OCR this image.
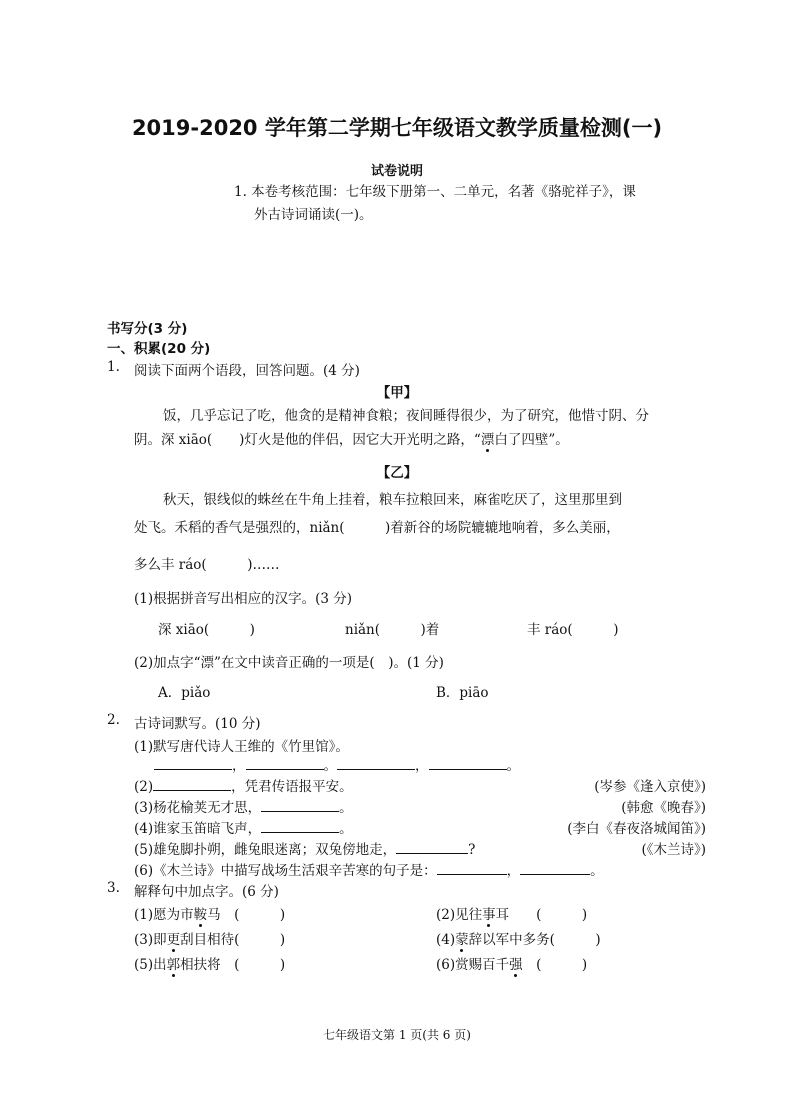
2019-2020 学年第二学期七年级语文教学质量检测(一)
试卷说明
1. 本卷考核范围：七年级下册第一、二单元，名著《骆驼祥子》，课
外古诗词诵读(一)。
书写分(3 分)
一、积累(20 分)
1. 阅读下面两个语段，回答问题。(4 分)
【甲】
饭，几乎忘记了吃，他贪的是精神食粮；夜间睡得很少，为了研究，他惜寸阴、分
阴。深 xiāo(　　)灯火是他的伴侣，因它大开光明之路，“漂白了四壁”。
【乙】
秋天，银线似的蛛丝在牛角上挂着，粮车拉粮回来，麻雀吃厌了，这里那里到
处飞。禾稻的香气是强烈的，niǎn(　　　)着新谷的场院辘辘地响着，多么美丽，
多么丰 ráo(　　　)……
(1)根据拼音写出相应的汉字。(3 分)
深 xiāo(　　　)	niǎn(　　　)着	丰 ráo(　　　)
(2)加点字“漂”在文中读音正确的一项是(　)。(1 分)
A．piǎo	B．piāo
2. 古诗词默写。(10 分)
(1)默写唐代诗人王维的《竹里馆》。
，	。	，	。
(2)	，凭君传语报平安。	(岑参《逢入京使》)
(3)杨花榆荚无才思，	。	(韩愈《晚春》)
(4)谁家玉笛暗飞声，	。	(李白《春夜洛城闻笛》)
(5)雄兔脚扑朔，雌兔眼迷离；双兔傍地走，	?	(《木兰诗》)
(6)《木兰诗》中描写战场生活艰辛苦寒的句子是：	，	。
3. 解释句中加点字。(6 分)
(1)愿为市鞍马　(　　　)	(2)见往事耳　　(　　　)
(3)即更刮目相待(　　　)	(4)蒙辞以军中多务(　　　)
(5)出郭相扶将　(　　　)	(6)赏赐百千强　(　　　)
七年级语文第 1 页(共 6 页)
